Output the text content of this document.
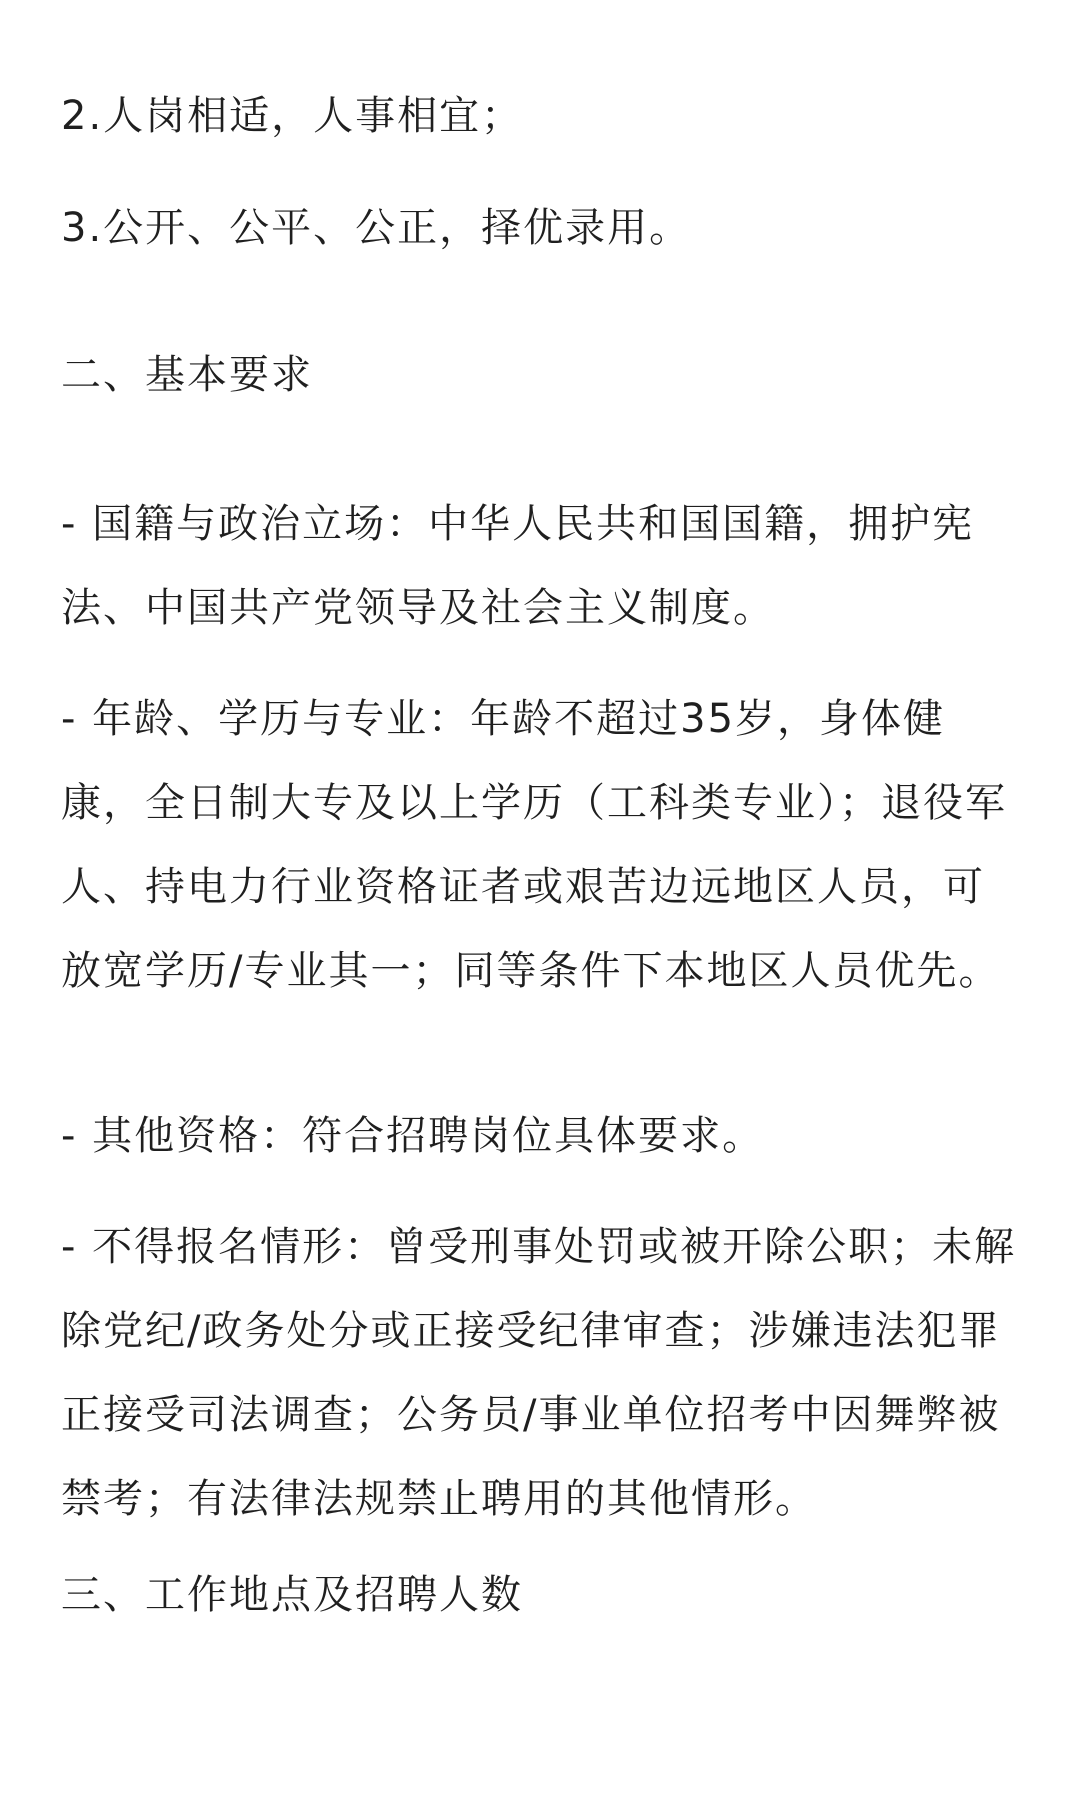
2.人岗相适，人事相宜；
3.公开、公平、公正，择优录用。
二、基本要求
- 国籍与政治立场：中华人民共和国国籍，拥护宪法、中国共产党领导及社会主义制度。
- 年龄、学历与专业：年龄不超过35岁，身体健康，全日制大专及以上学历（工科类专业）；退役军人、持电力行业资格证者或艰苦边远地区人员，可放宽学历/专业其一；同等条件下本地区人员优先。
- 其他资格：符合招聘岗位具体要求。
- 不得报名情形：曾受刑事处罚或被开除公职；未解除党纪/政务处分或正接受纪律审查；涉嫌违法犯罪正接受司法调查；公务员/事业单位招考中因舞弊被禁考；有法律法规禁止聘用的其他情形。
三、工作地点及招聘人数
